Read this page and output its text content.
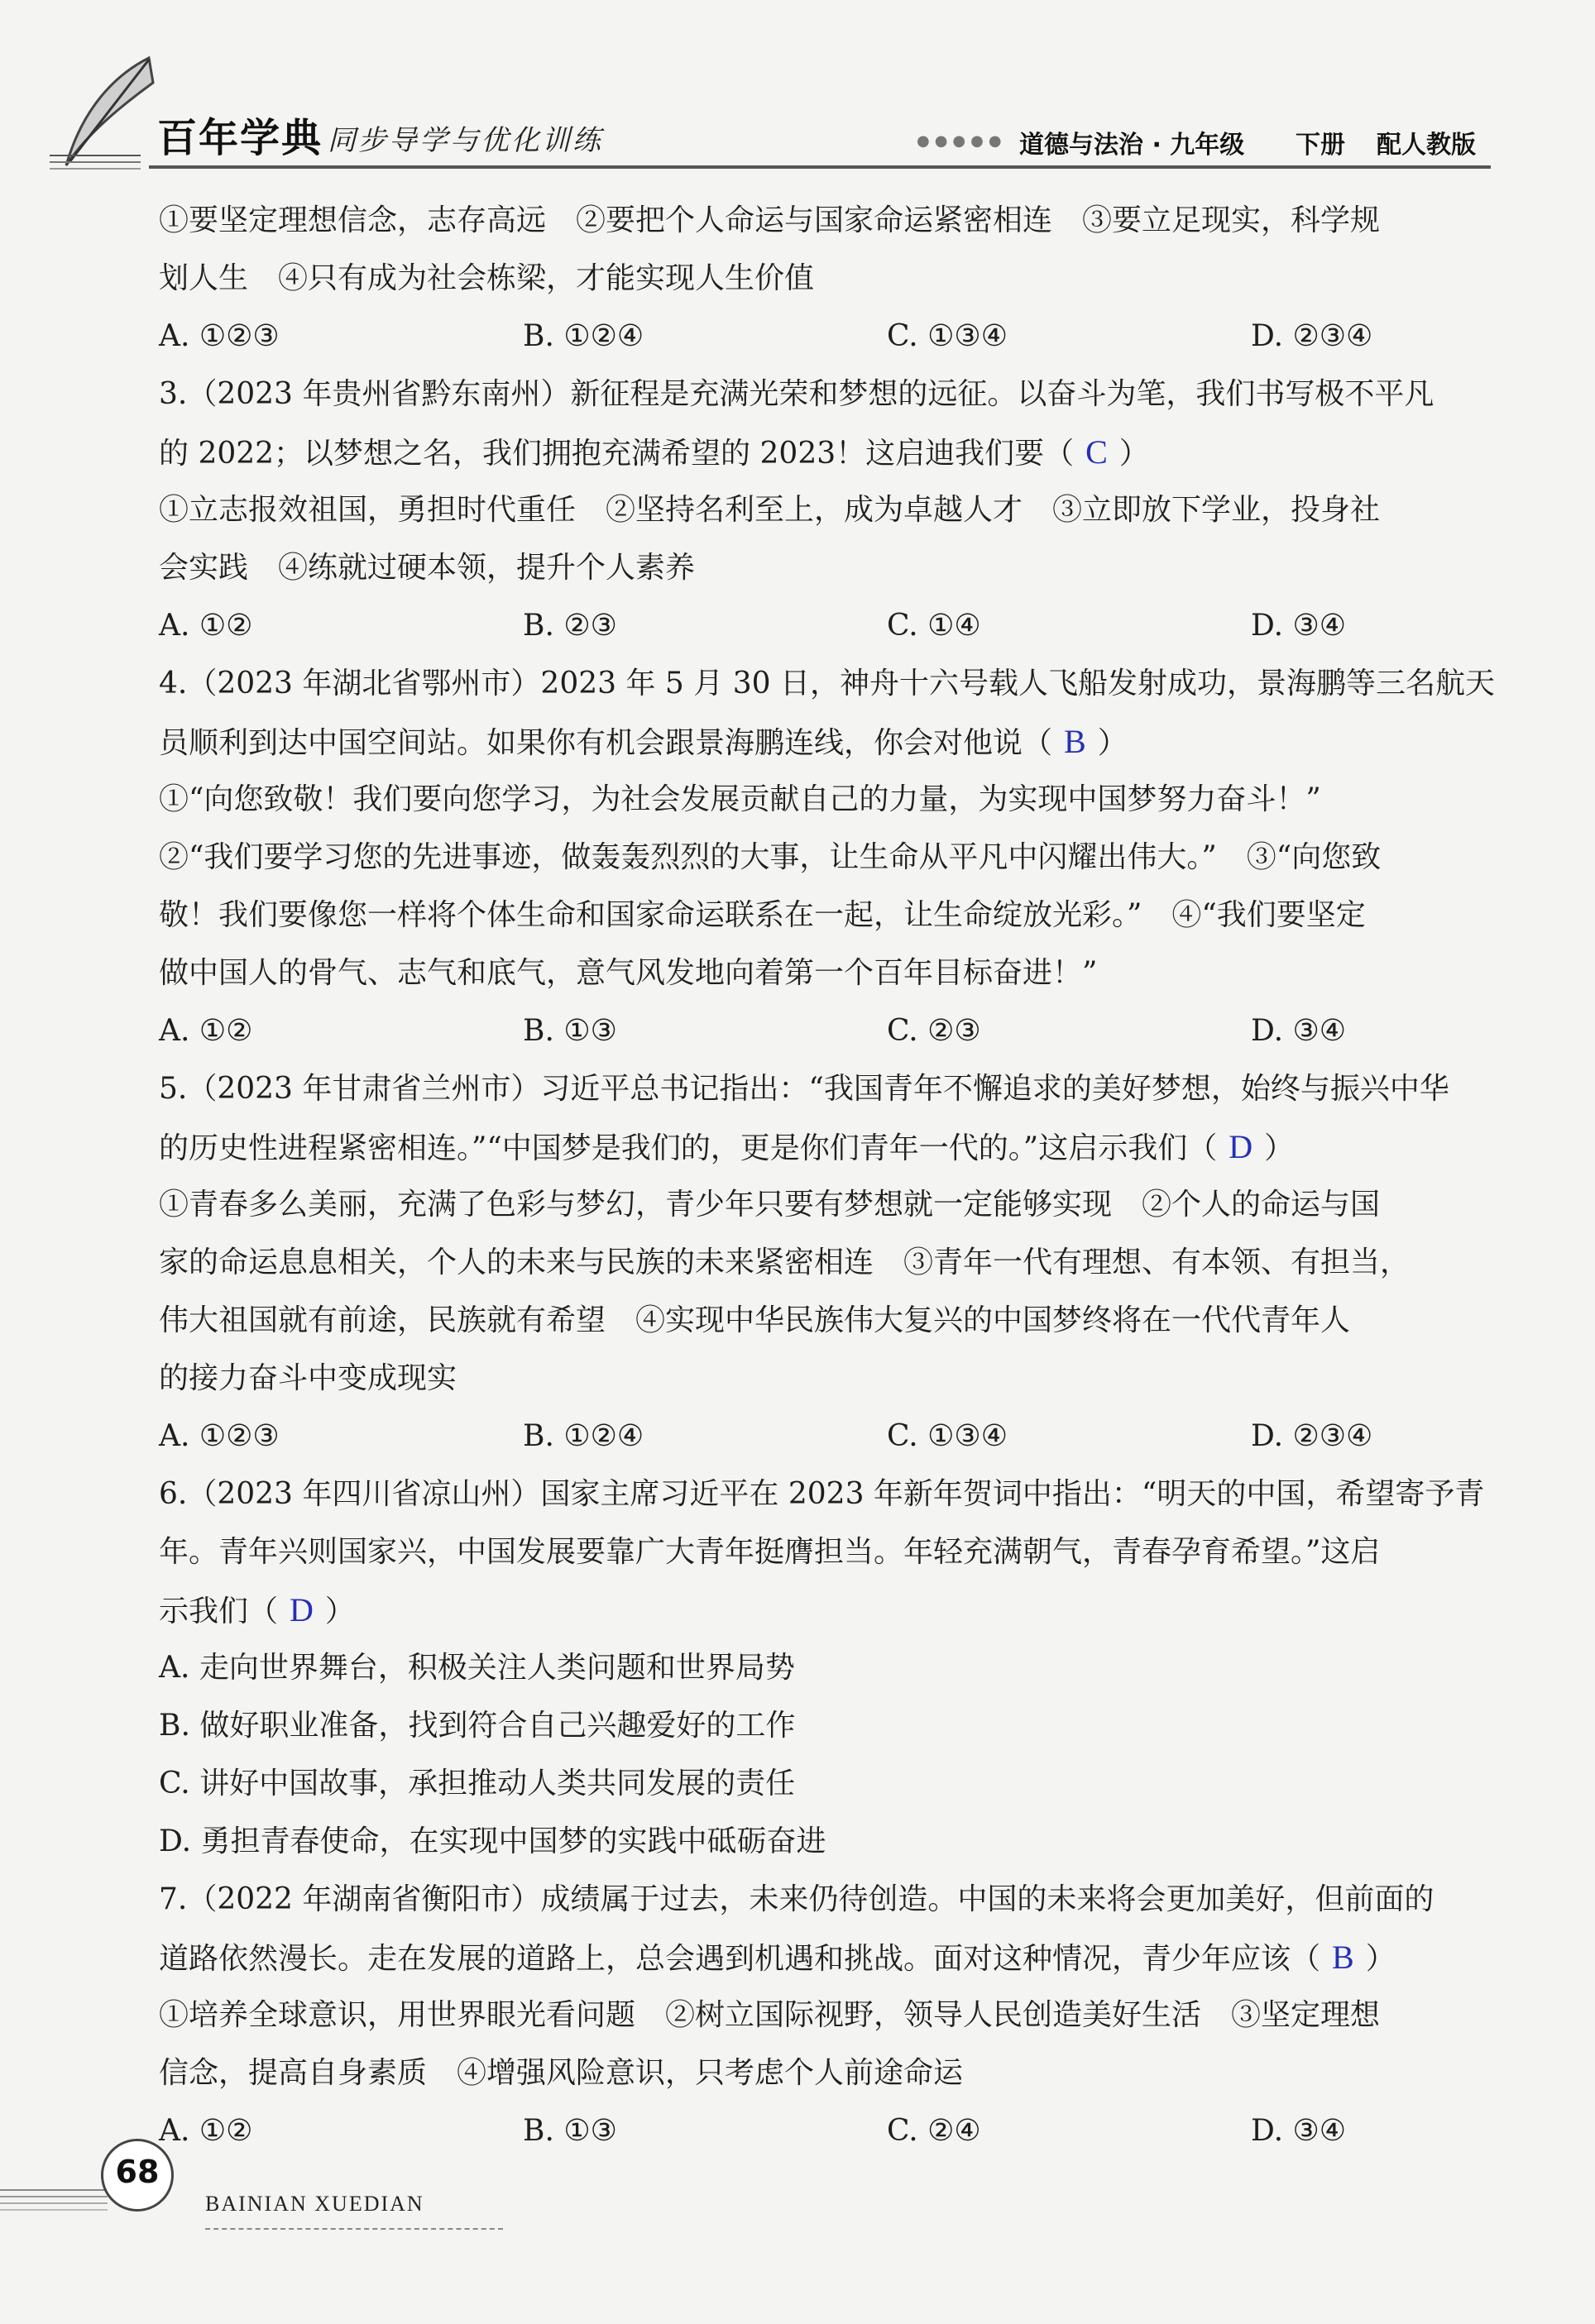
百年学典 同步导学与优化训练	●●●●● 道德与法治 · 九年级 下册 配人教版
①要坚定理想信念，志存高远　②要把个人命运与国家命运紧密相连　③要立足现实，科学规
划人生　④只有成为社会栋梁，才能实现人生价值
A. ①②③	B. ①②④	C. ①③④	D. ②③④
3.（2023 年贵州省黔东南州）新征程是充满光荣和梦想的远征。以奋斗为笔，我们书写极不平凡
的 2022；以梦想之名，我们拥抱充满希望的 2023！这启迪我们要（ C ）
①立志报效祖国，勇担时代重任　②坚持名利至上，成为卓越人才　③立即放下学业，投身社
会实践　④练就过硬本领，提升个人素养
A. ①②	B. ②③	C. ①④	D. ③④
4.（2023 年湖北省鄂州市）2023 年 5 月 30 日，神舟十六号载人飞船发射成功，景海鹏等三名航天
员顺利到达中国空间站。如果你有机会跟景海鹏连线，你会对他说（ B ）
①“向您致敬！我们要向您学习，为社会发展贡献自己的力量，为实现中国梦努力奋斗！”
②“我们要学习您的先进事迹，做轰轰烈烈的大事，让生命从平凡中闪耀出伟大。”　③“向您致
敬！我们要像您一样将个体生命和国家命运联系在一起，让生命绽放光彩。”　④“我们要坚定
做中国人的骨气、志气和底气，意气风发地向着第一个百年目标奋进！”
A. ①②	B. ①③	C. ②③	D. ③④
5.（2023 年甘肃省兰州市）习近平总书记指出：“我国青年不懈追求的美好梦想，始终与振兴中华
的历史性进程紧密相连。”“中国梦是我们的，更是你们青年一代的。”这启示我们（ D ）
①青春多么美丽，充满了色彩与梦幻，青少年只要有梦想就一定能够实现　②个人的命运与国
家的命运息息相关，个人的未来与民族的未来紧密相连　③青年一代有理想、有本领、有担当，
伟大祖国就有前途，民族就有希望　④实现中华民族伟大复兴的中国梦终将在一代代青年人
的接力奋斗中变成现实
A. ①②③	B. ①②④	C. ①③④	D. ②③④
6.（2023 年四川省凉山州）国家主席习近平在 2023 年新年贺词中指出：“明天的中国，希望寄予青
年。青年兴则国家兴，中国发展要靠广大青年挺膺担当。年轻充满朝气，青春孕育希望。”这启
示我们（ D ）
A. 走向世界舞台，积极关注人类问题和世界局势
B. 做好职业准备，找到符合自己兴趣爱好的工作
C. 讲好中国故事，承担推动人类共同发展的责任
D. 勇担青春使命，在实现中国梦的实践中砥砺奋进
7.（2022 年湖南省衡阳市）成绩属于过去，未来仍待创造。中国的未来将会更加美好，但前面的
道路依然漫长。走在发展的道路上，总会遇到机遇和挑战。面对这种情况，青少年应该（ B ）
①培养全球意识，用世界眼光看问题　②树立国际视野，领导人民创造美好生活　③坚定理想
信念，提高自身素质　④增强风险意识，只考虑个人前途命运
A. ①②	B. ①③	C. ②④	D. ③④
68
BAINIAN XUEDIAN
